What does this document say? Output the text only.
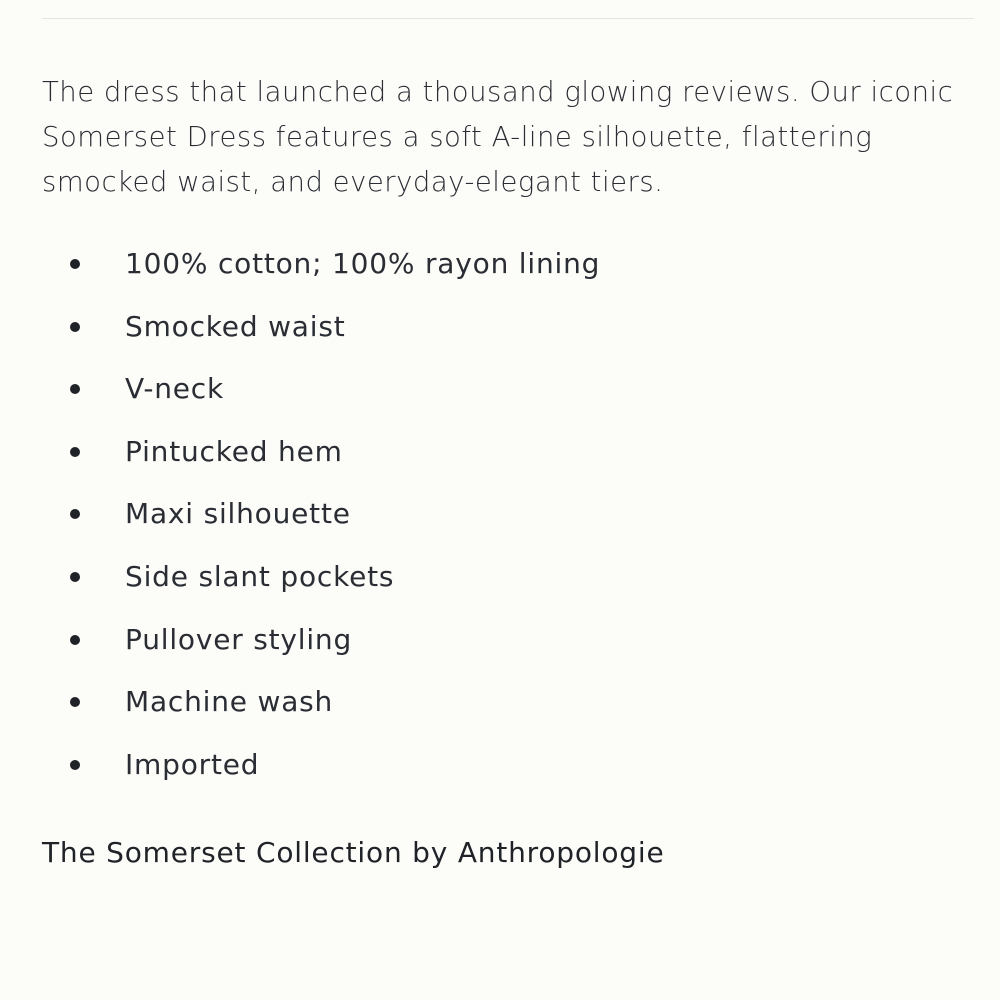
The dress that launched a thousand glowing reviews. Our iconic Somerset Dress features a soft A-line silhouette, flattering smocked waist, and everyday-elegant tiers.

100% cotton; 100% rayon lining
Smocked waist
V-neck
Pintucked hem
Maxi silhouette
Side slant pockets
Pullover styling
Machine wash
Imported
The Somerset Collection by Anthropologie
